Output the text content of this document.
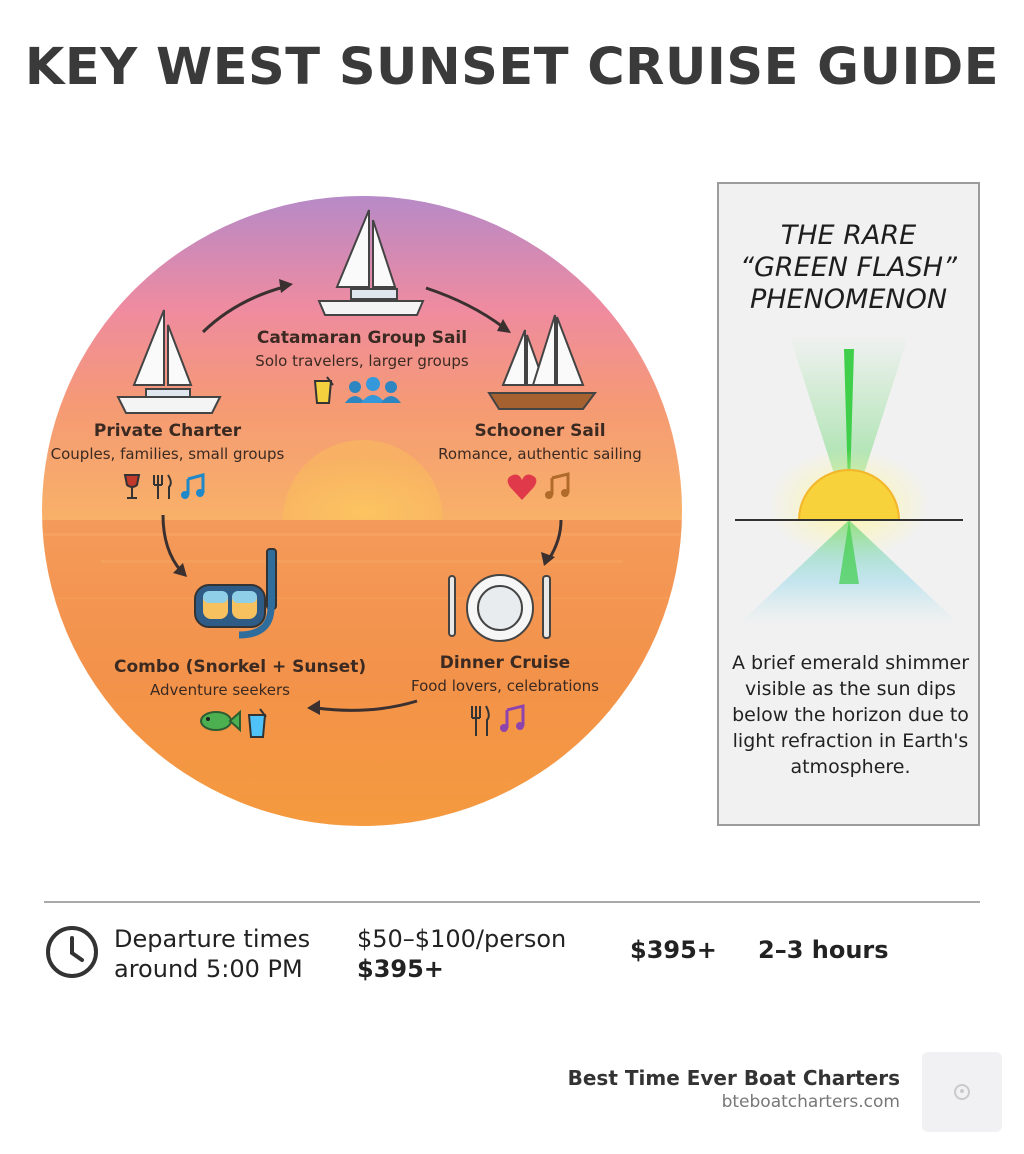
KEY WEST SUNSET CRUISE GUIDE
Private Charter
Couples, families, small groups
Catamaran Group Sail
Solo travelers, larger groups
Schooner Sail
Romance, authentic sailing
Dinner Cruise
Food lovers, celebrations
Combo (Snorkel + Sunset)
Adventure seekers
THE RARE
“GREEN FLASH”
PHENOMENON
A brief emerald shimmer visible as the sun dips below the horizon due to light refraction in Earth's atmosphere.
Departure times
around 5:00 PM
$50–$100/person
$395+
$395+ 2–3 hours
Best Time Ever Boat Charters
bteboatcharters.com
